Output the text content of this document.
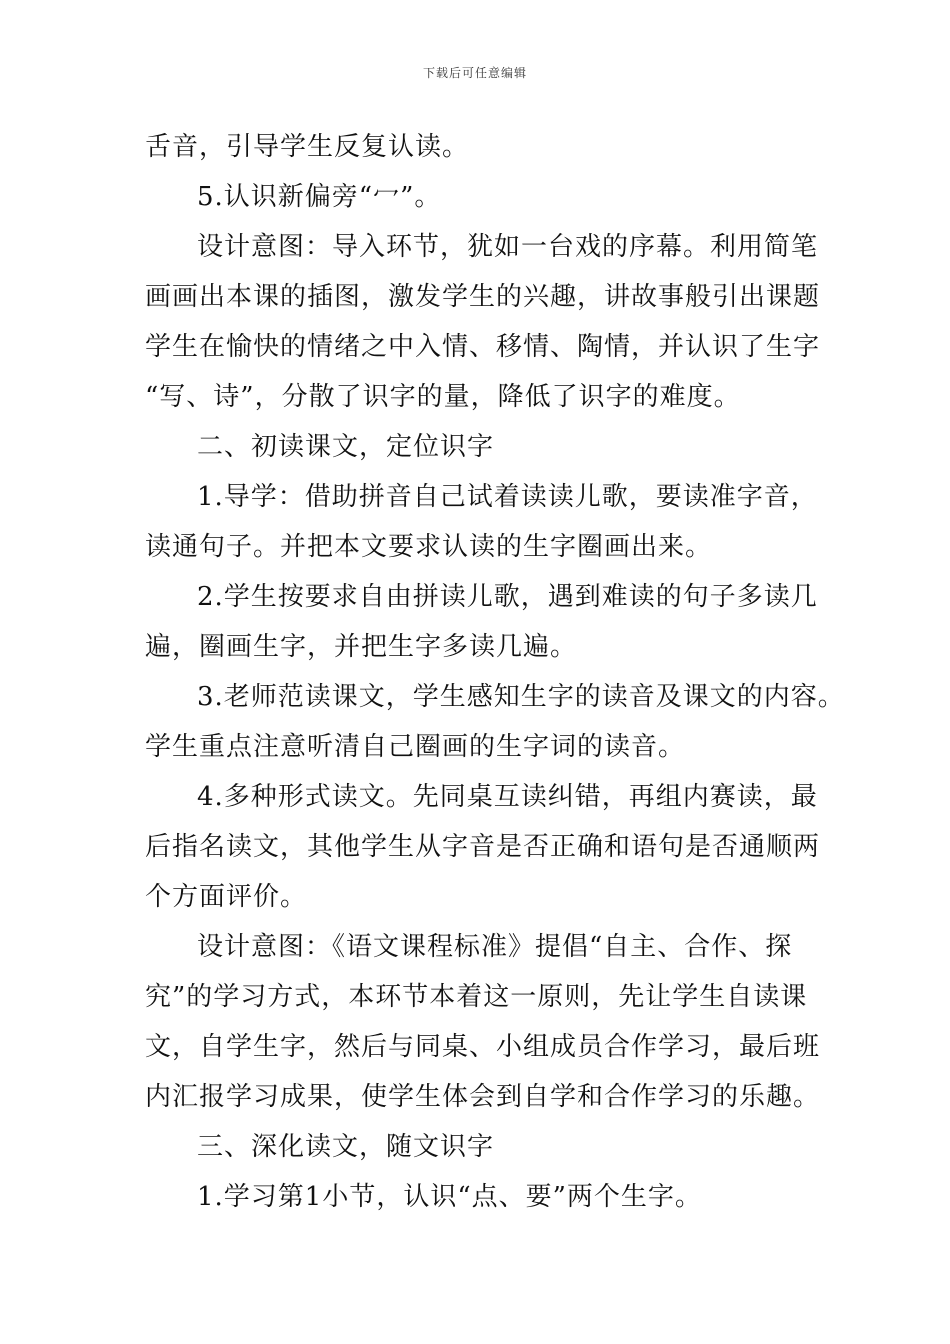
下载后可任意编辑
舌音，引导学生反复认读。
5.认识新偏旁“冖”。
设计意图：导入环节，犹如一台戏的序幕。利用简笔
画画出本课的插图，激发学生的兴趣，讲故事般引出课题
学生在愉快的情绪之中入情、移情、陶情，并认识了生字
“写、诗”，分散了识字的量，降低了识字的难度。
二、初读课文，定位识字
1.导学：借助拼音自己试着读读儿歌，要读准字音，
读通句子。并把本文要求认读的生字圈画出来。
2.学生按要求自由拼读儿歌，遇到难读的句子多读几
遍，圈画生字，并把生字多读几遍。
3.老师范读课文，学生感知生字的读音及课文的内容。
学生重点注意听清自己圈画的生字词的读音。
4.多种形式读文。先同桌互读纠错，再组内赛读，最
后指名读文，其他学生从字音是否正确和语句是否通顺两
个方面评价。
设计意图：《语文课程标准》提倡“自主、合作、探
究”的学习方式，本环节本着这一原则，先让学生自读课
文，自学生字，然后与同桌、小组成员合作学习，最后班
内汇报学习成果，使学生体会到自学和合作学习的乐趣。
三、深化读文，随文识字
1.学习第1小节，认识“点、要”两个生字。
